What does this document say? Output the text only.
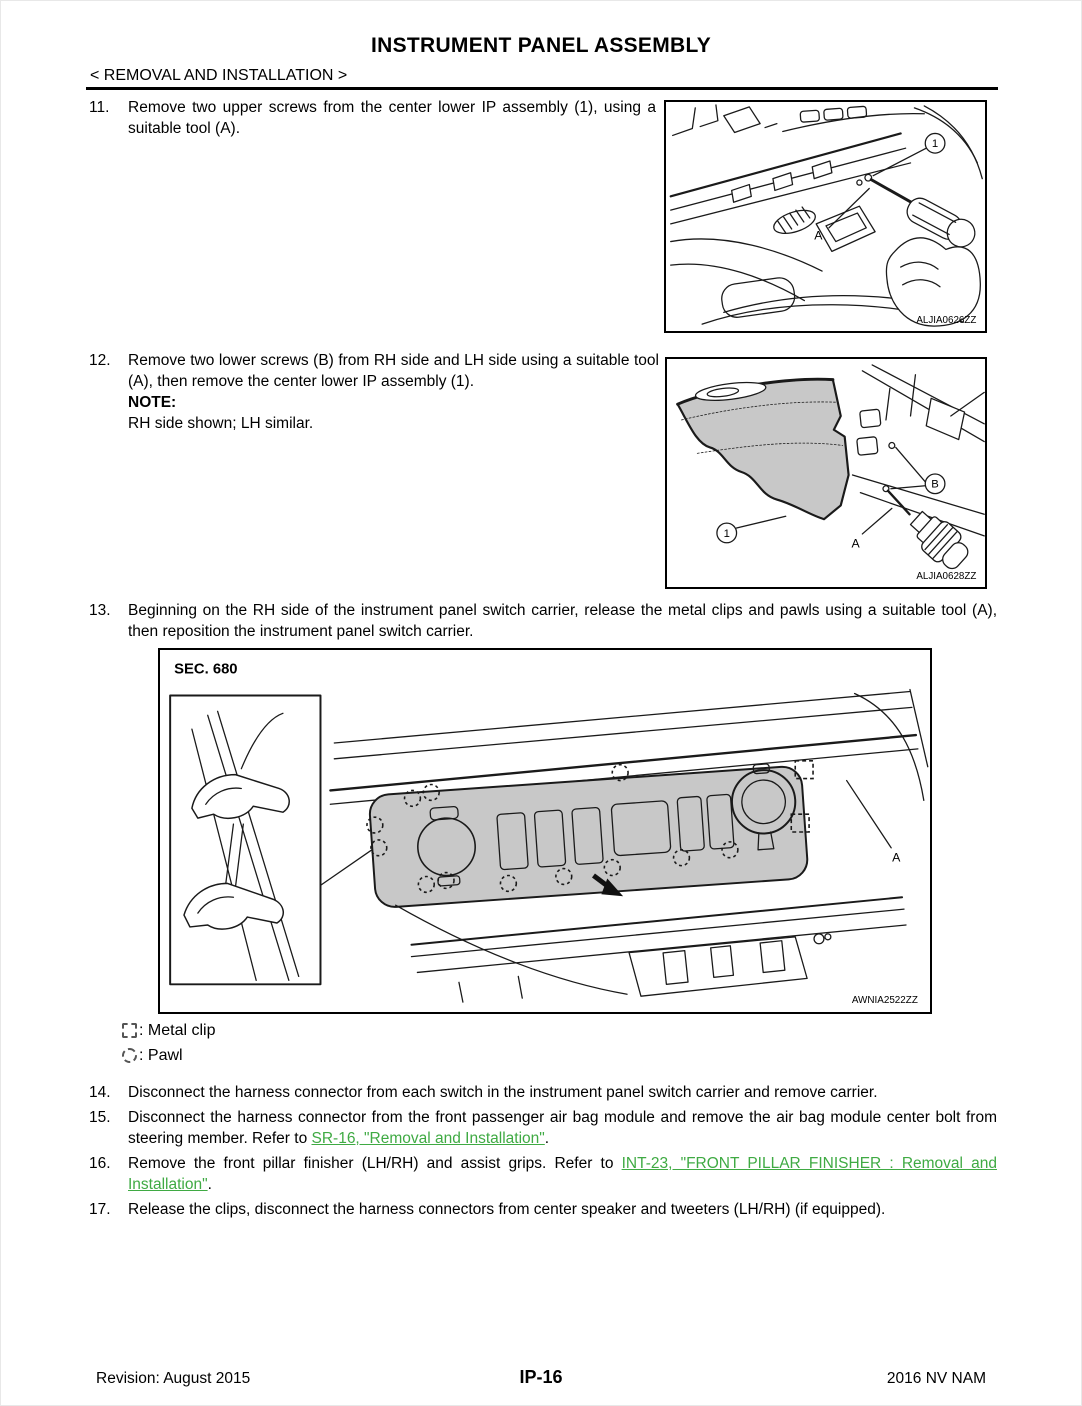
INSTRUMENT PANEL ASSEMBLY
< REMOVAL AND INSTALLATION >
11.	Remove two upper screws from the center lower IP assembly (1), using a suitable tool (A).

1
A
ALJIA0626ZZ
12.	Remove two lower screws (B) from RH side and LH side using a suitable tool (A), then remove the center lower IP assembly (1).
NOTE:
RH side shown; LH similar.
B
1
A
ALJIA0628ZZ
13.	Beginning on the RH side of the instrument panel switch carrier, release the metal clips and pawls using a suitable tool (A), then reposition the instrument panel switch carrier.

SEC. 680
A
AWNIA2522ZZ
: Metal clip
: Pawl
14.	Disconnect the harness connector from each switch in the instrument panel switch carrier and remove carrier.

15.	Disconnect the harness connector from the front passenger air bag module and remove the air bag module center bolt from steering member. Refer to SR-16, "Removal and Installation".

16.	Remove the front pillar finisher (LH/RH) and assist grips. Refer to INT-23, "FRONT PILLAR FINISHER : Removal and Installation".

17.	Release the clips, disconnect the harness connectors from center speaker and tweeters (LH/RH) (if equipped).

Revision: August 2015	IP-16	2016 NV NAM
